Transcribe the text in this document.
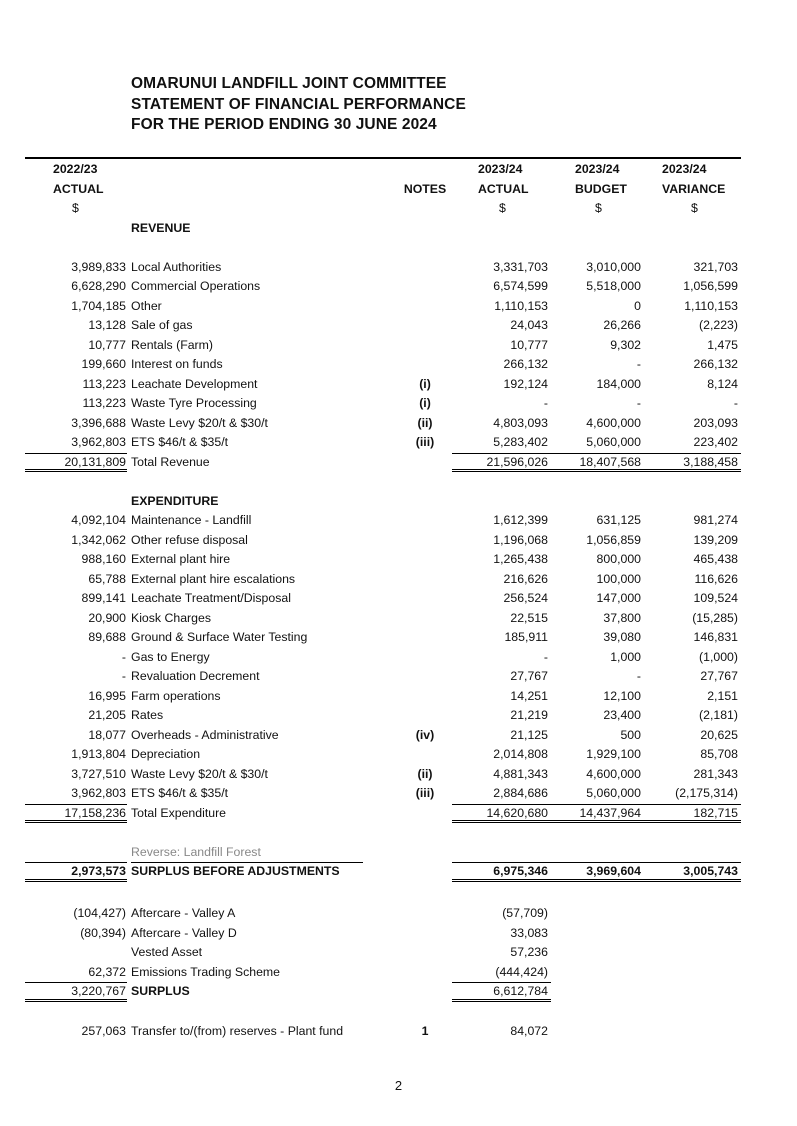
OMARUNUI LANDFILL JOINT COMMITTEE
STATEMENT OF FINANCIAL PERFORMANCE
FOR THE PERIOD ENDING 30 JUNE 2024
2022/23	2023/24	2023/24	2023/24
ACTUAL	NOTES	ACTUAL	BUDGET	VARIANCE
$	$	$	$
REVENUE
3,989,833 Local Authorities	3,331,703	3,010,000	321,703
6,628,290 Commercial Operations	6,574,599	5,518,000	1,056,599
1,704,185 Other	1,110,153	0	1,110,153
13,128 Sale of gas	24,043	26,266	(2,223)
10,777 Rentals (Farm)	10,777	9,302	1,475
199,660 Interest on funds	266,132	-	266,132
113,223 Leachate Development	(i)	192,124	184,000	8,124
113,223 Waste Tyre Processing	(i)	-	-	-
3,396,688 Waste Levy $20/t & $30/t	(ii)	4,803,093	4,600,000	203,093
3,962,803 ETS $46/t & $35/t	(iii)	5,283,402	5,060,000	223,402
20,131,809 Total Revenue	21,596,026	18,407,568	3,188,458
EXPENDITURE
4,092,104 Maintenance - Landfill	1,612,399	631,125	981,274
1,342,062 Other refuse disposal	1,196,068	1,056,859	139,209
988,160 External plant hire	1,265,438	800,000	465,438
65,788 External plant hire escalations	216,626	100,000	116,626
899,141 Leachate Treatment/Disposal	256,524	147,000	109,524
20,900 Kiosk Charges	22,515	37,800	(15,285)
89,688 Ground & Surface Water Testing	185,911	39,080	146,831
- Gas to Energy	-	1,000	(1,000)
- Revaluation Decrement	27,767	-	27,767
16,995 Farm operations	14,251	12,100	2,151
21,205 Rates	21,219	23,400	(2,181)
18,077 Overheads - Administrative	(iv)	21,125	500	20,625
1,913,804 Depreciation	2,014,808	1,929,100	85,708
3,727,510 Waste Levy $20/t & $30/t	(ii)	4,881,343	4,600,000	281,343
3,962,803 ETS $46/t & $35/t	(iii)	2,884,686	5,060,000	(2,175,314)
17,158,236 Total Expenditure	14,620,680	14,437,964	182,715
Reverse: Landfill Forest
2,973,573 SURPLUS BEFORE ADJUSTMENTS	6,975,346	3,969,604	3,005,743
(104,427) Aftercare - Valley A	(57,709)
(80,394) Aftercare - Valley D	33,083
Vested Asset	57,236
62,372 Emissions Trading Scheme	(444,424)
3,220,767 SURPLUS	6,612,784
257,063 Transfer to/(from) reserves - Plant fund	1	84,072
2
